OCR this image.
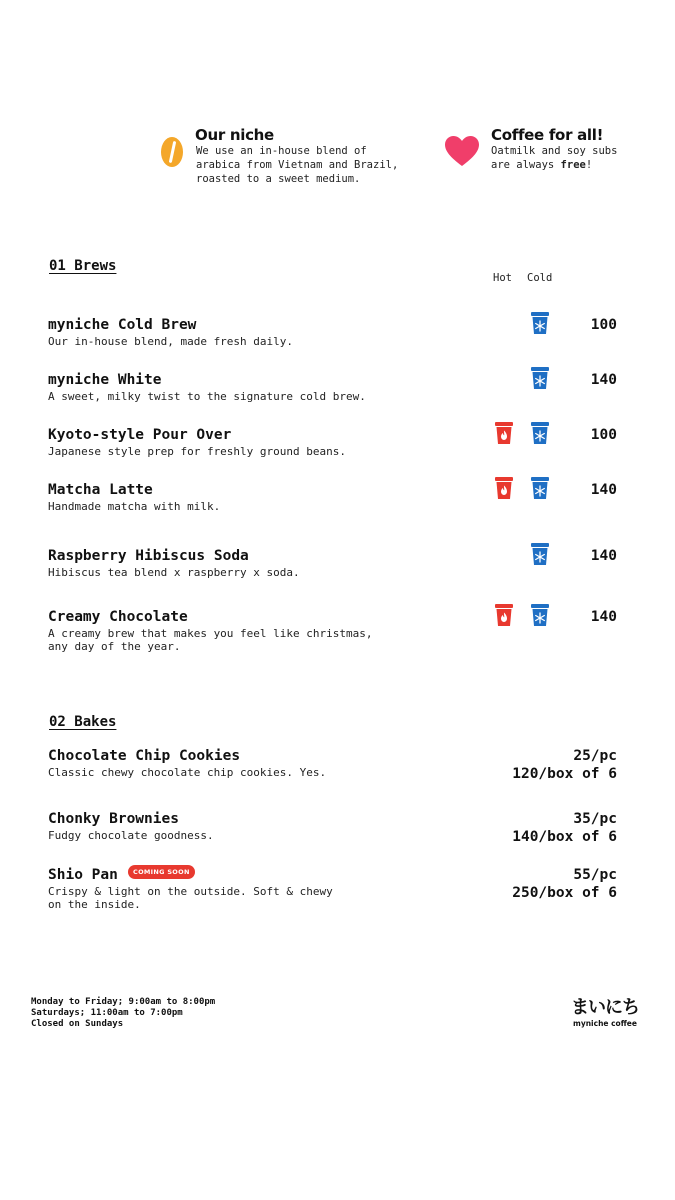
Our niche
We use an in-house blend of
arabica from Vietnam and Brazil,
roasted to a sweet medium.
Coffee for all!
Oatmilk and soy subs
are always free!
01 Brews
Hot Cold
myniche Cold Brew
Our in-house blend, made fresh daily.
100
myniche White
A sweet, milky twist to the signature cold brew.
140
Kyoto-style Pour Over
Japanese style prep for freshly ground beans.
100
Matcha Latte
Handmade matcha with milk.
140
Raspberry Hibiscus Soda
Hibiscus tea blend x raspberry x soda.
140
Creamy Chocolate
A creamy brew that makes you feel like christmas,
any day of the year.
140
02 Bakes
Chocolate Chip Cookies
Classic chewy chocolate chip cookies. Yes.
25/pc
120/box of 6
Chonky Brownies
Fudgy chocolate goodness.
35/pc
140/box of 6
Shio Pan	COMING SOON
Crispy & light on the outside. Soft & chewy
on the inside.
55/pc
250/box of 6
Monday to Friday; 9:00am to 8:00pm
Saturdays; 11:00am to 7:00pm
Closed on Sundays
まいにち
myniche coffee
